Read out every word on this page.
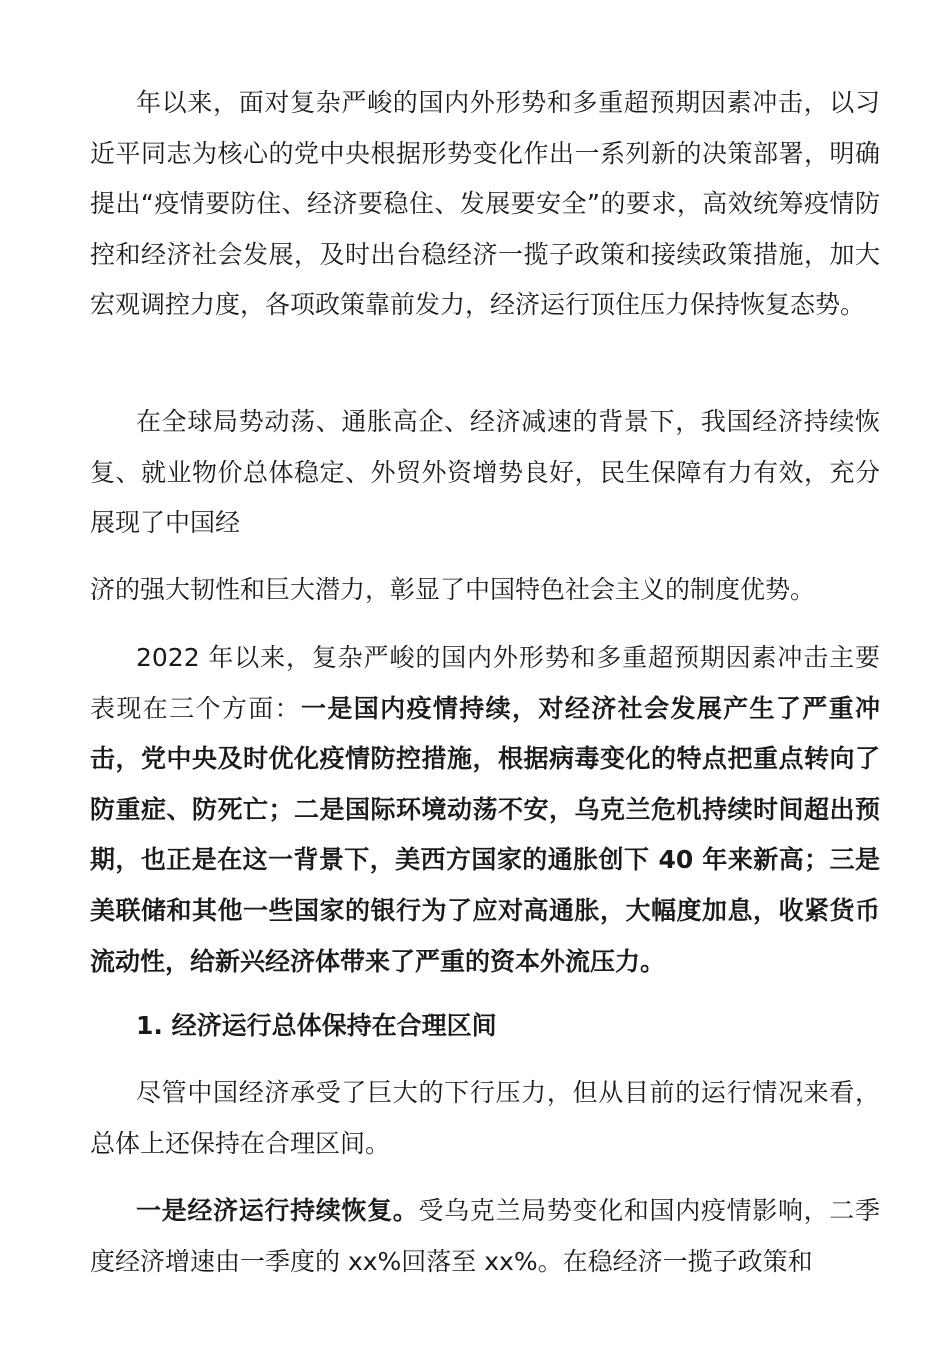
年以来，面对复杂严峻的国内外形势和多重超预期因素冲击，以习近平同志为核心的党中央根据形势变化作出一系列新的决策部署，明确提出“疫情要防住、经济要稳住、发展要安全”的要求，高效统筹疫情防控和经济社会发展，及时出台稳经济一揽子政策和接续政策措施，加大宏观调控力度，各项政策靠前发力，经济运行顶住压力保持恢复态势。

在全球局势动荡、通胀高企、经济减速的背景下，我国经济持续恢复、就业物价总体稳定、外贸外资增势良好，民生保障有力有效，充分展现了中国经

济的强大韧性和巨大潜力，彰显了中国特色社会主义的制度优势。

2022 年以来，复杂严峻的国内外形势和多重超预期因素冲击主要表现在三个方面：一是国内疫情持续，对经济社会发展产生了严重冲击，党中央及时优化疫情防控措施，根据病毒变化的特点把重点转向了防重症、防死亡；二是国际环境动荡不安，乌克兰危机持续时间超出预期，也正是在这一背景下，美西方国家的通胀创下 40 年来新高；三是美联储和其他一些国家的银行为了应对高通胀，大幅度加息，收紧货币流动性，给新兴经济体带来了严重的资本外流压力。

1. 经济运行总体保持在合理区间

尽管中国经济承受了巨大的下行压力，但从目前的运行情况来看，总体上还保持在合理区间。

一是经济运行持续恢复。受乌克兰局势变化和国内疫情影响，二季度经济增速由一季度的 xx%回落至 xx%。在稳经济一揽子政策和
